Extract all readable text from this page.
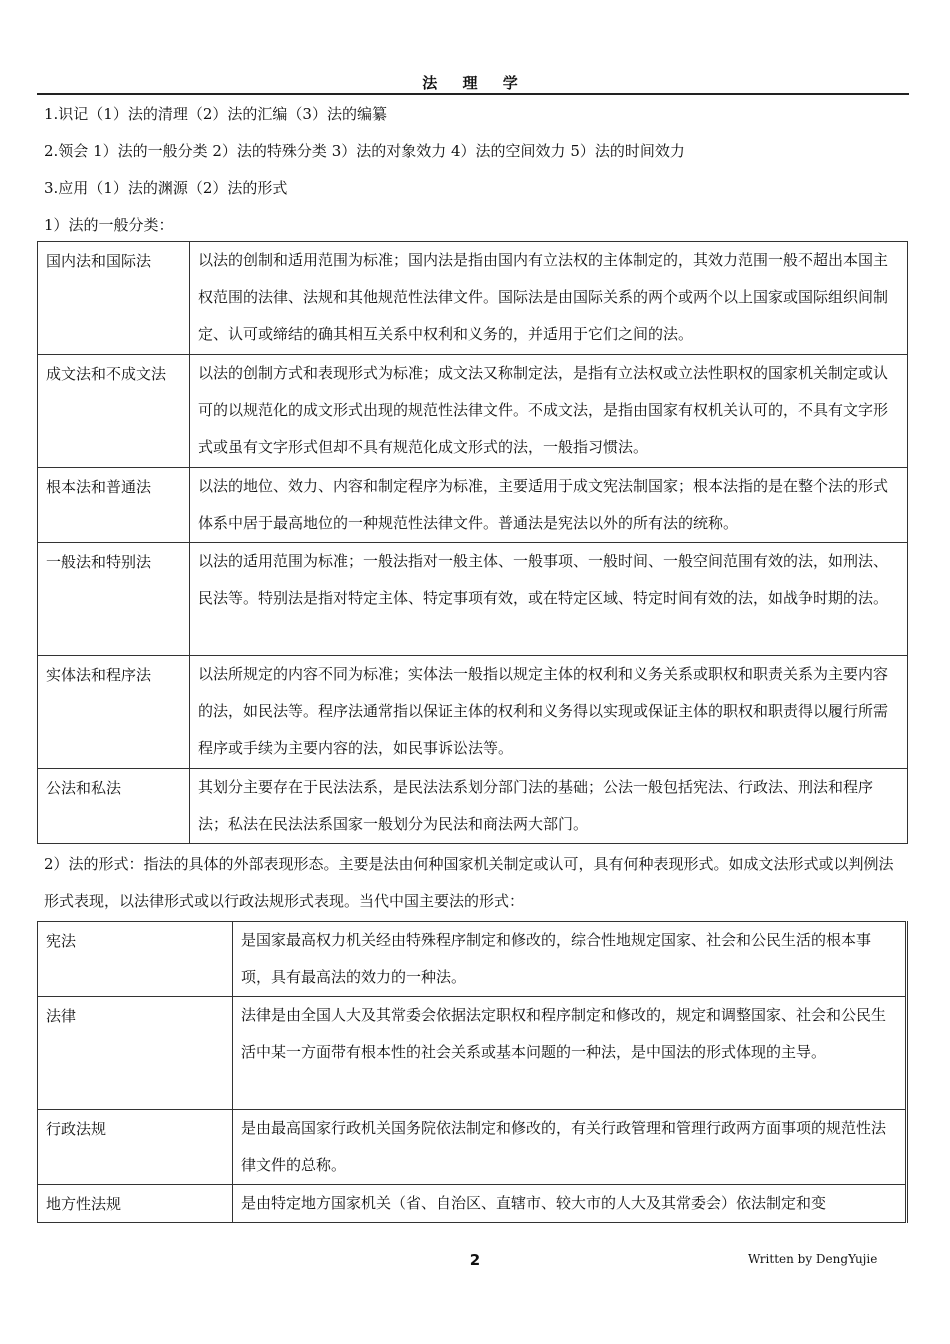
法 理 学
1.识记（1）法的清理（2）法的汇编（3）法的编纂
2.领会 1）法的一般分类 2）法的特殊分类 3）法的对象效力 4）法的空间效力 5）法的时间效力
3.应用（1）法的渊源（2）法的形式
1）法的一般分类：
国内法和国际法	以法的创制和适用范围为标准；国内法是指由国内有立法权的主体制定的，其效力范围一般不超出本国主权范围的法律、法规和其他规范性法律文件。国际法是由国际关系的两个或两个以上国家或国际组织间制定、认可或缔结的确其相互关系中权利和义务的，并适用于它们之间的法。

成文法和不成文法	以法的创制方式和表现形式为标准；成文法又称制定法，是指有立法权或立法性职权的国家机关制定或认可的以规范化的成文形式出现的规范性法律文件。不成文法，是指由国家有权机关认可的，不具有文字形式或虽有文字形式但却不具有规范化成文形式的法，一般指习惯法。

根本法和普通法	以法的地位、效力、内容和制定程序为标准，主要适用于成文宪法制国家；根本法指的是在整个法的形式体系中居于最高地位的一种规范性法律文件。普通法是宪法以外的所有法的统称。

一般法和特别法	以法的适用范围为标准；一般法指对一般主体、一般事项、一般时间、一般空间范围有效的法，如刑法、民法等。特别法是指对特定主体、特定事项有效，或在特定区域、特定时间有效的法，如战争时期的法。

实体法和程序法	以法所规定的内容不同为标准；实体法一般指以规定主体的权利和义务关系或职权和职责关系为主要内容的法，如民法等。程序法通常指以保证主体的权利和义务得以实现或保证主体的职权和职责得以履行所需程序或手续为主要内容的法，如民事诉讼法等。

公法和私法	其划分主要存在于民法法系，是民法法系划分部门法的基础；公法一般包括宪法、行政法、刑法和程序法；私法在民法法系国家一般划分为民法和商法两大部门。
2）法的形式：指法的具体的外部表现形态。主要是法由何种国家机关制定或认可，具有何种表现形式。如成文法形式或以判例法形式表现，以法律形式或以行政法规形式表现。当代中国主要法的形式：
宪法	是国家最高权力机关经由特殊程序制定和修改的，综合性地规定国家、社会和公民生活的根本事项，具有最高法的效力的一种法。

法律	法律是由全国人大及其常委会依据法定职权和程序制定和修改的，规定和调整国家、社会和公民生活中某一方面带有根本性的社会关系或基本问题的一种法，是中国法的形式体现的主导。

行政法规	是由最高国家行政机关国务院依法制定和修改的，有关行政管理和管理行政两方面事项的规范性法律文件的总称。

地方性法规	是由特定地方国家机关（省、自治区、直辖市、较大市的人大及其常委会）依法制定和变
2	Written by DengYujie
